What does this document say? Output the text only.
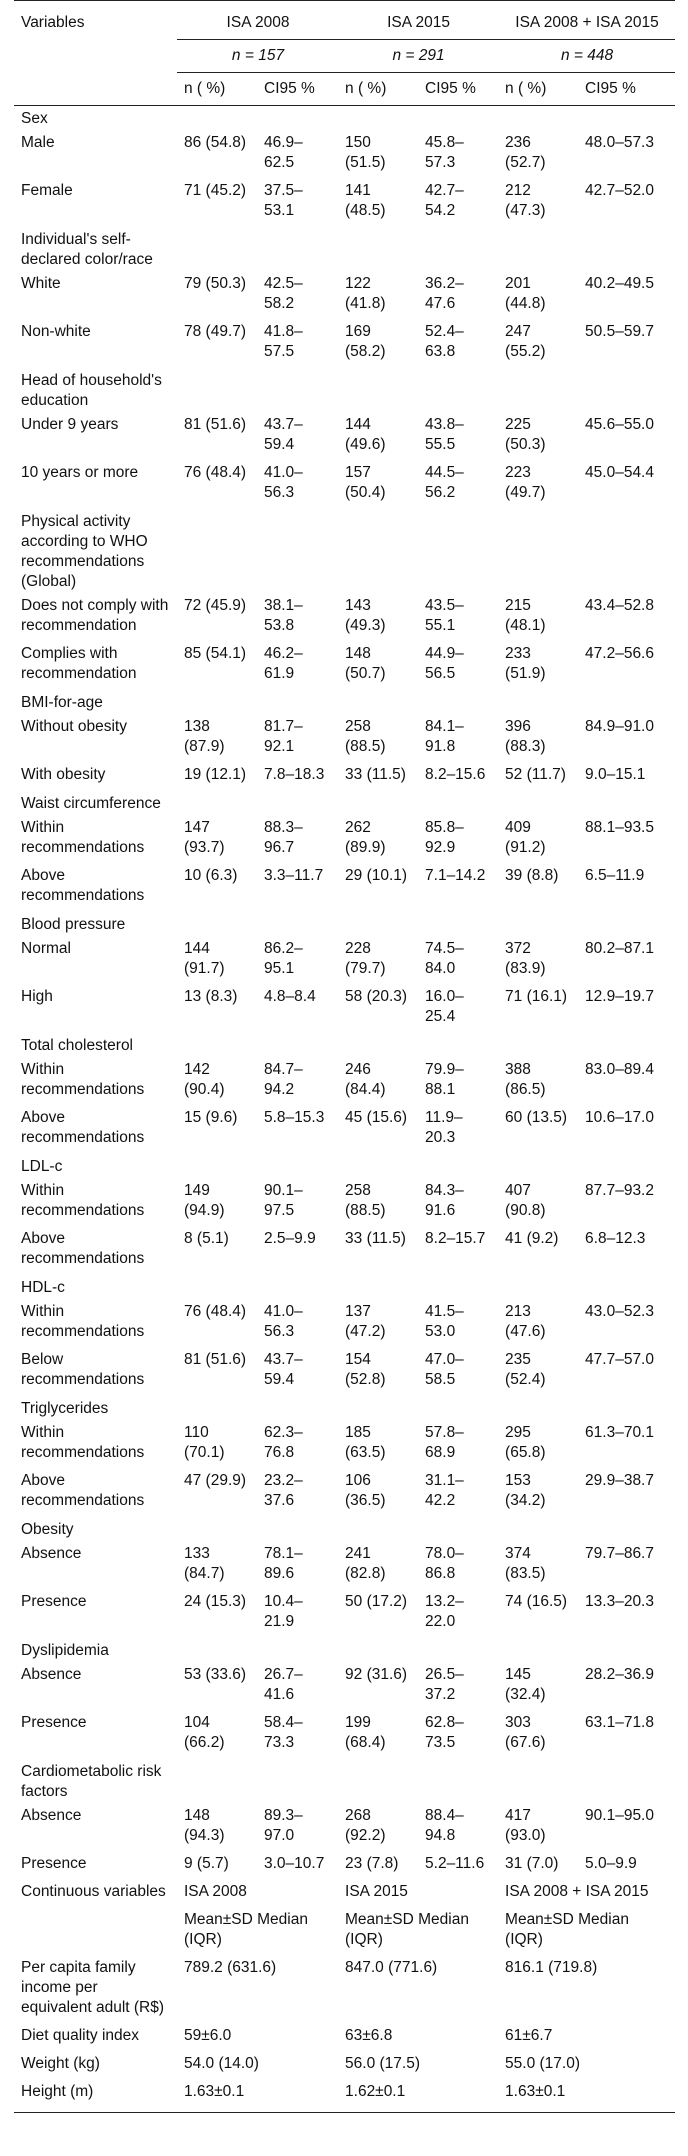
Variables	ISA 2008		ISA 2015		ISA 2008 + ISA 2015	
	n = 157		n = 291		n = 448	
	n ( %)	CI95 %	n ( %)	CI95 %	n ( %)	CI95 %
Sex						
Male	86 (54.8)	46.9–62.5	150 (51.5)	45.8–57.3	236 (52.7)	48.0–57.3
Female	71 (45.2)	37.5–53.1	141 (48.5)	42.7–54.2	212 (47.3)	42.7–52.0
Individual's self-declared color/race						
White	79 (50.3)	42.5–58.2	122 (41.8)	36.2–47.6	201 (44.8)	40.2–49.5
Non-white	78 (49.7)	41.8–57.5	169 (58.2)	52.4–63.8	247 (55.2)	50.5–59.7
Head of household's education						
Under 9 years	81 (51.6)	43.7–59.4	144 (49.6)	43.8–55.5	225 (50.3)	45.6–55.0
10 years or more	76 (48.4)	41.0–56.3	157 (50.4)	44.5–56.2	223 (49.7)	45.0–54.4
Physical activity according to WHO recommendations (Global)						
Does not comply with recommendation	72 (45.9)	38.1–53.8	143 (49.3)	43.5–55.1	215 (48.1)	43.4–52.8
Complies with recommendation	85 (54.1)	46.2–61.9	148 (50.7)	44.9–56.5	233 (51.9)	47.2–56.6
BMI-for-age						
Without obesity	138 (87.9)	81.7–92.1	258 (88.5)	84.1–91.8	396 (88.3)	84.9–91.0
With obesity	19 (12.1)	7.8–18.3	33 (11.5)	8.2–15.6	52 (11.7)	9.0–15.1
Waist circumference						
Within recommendations	147 (93.7)	88.3–96.7	262 (89.9)	85.8–92.9	409 (91.2)	88.1–93.5
Above recommendations	10 (6.3)	3.3–11.7	29 (10.1)	7.1–14.2	39 (8.8)	6.5–11.9
Blood pressure						
Normal	144 (91.7)	86.2–95.1	228 (79.7)	74.5–84.0	372 (83.9)	80.2–87.1
High	13 (8.3)	4.8–8.4	58 (20.3)	16.0–25.4	71 (16.1)	12.9–19.7
Total cholesterol						
Within recommendations	142 (90.4)	84.7–94.2	246 (84.4)	79.9–88.1	388 (86.5)	83.0–89.4
Above recommendations	15 (9.6)	5.8–15.3	45 (15.6)	11.9–20.3	60 (13.5)	10.6–17.0
LDL-c						
Within recommendations	149 (94.9)	90.1–97.5	258 (88.5)	84.3–91.6	407 (90.8)	87.7–93.2
Above recommendations	8 (5.1)	2.5–9.9	33 (11.5)	8.2–15.7	41 (9.2)	6.8–12.3
HDL-c						
Within recommendations	76 (48.4)	41.0–56.3	137 (47.2)	41.5–53.0	213 (47.6)	43.0–52.3
Below recommendations	81 (51.6)	43.7–59.4	154 (52.8)	47.0–58.5	235 (52.4)	47.7–57.0
Triglycerides						
Within recommendations	110 (70.1)	62.3–76.8	185 (63.5)	57.8–68.9	295 (65.8)	61.3–70.1
Above recommendations	47 (29.9)	23.2–37.6	106 (36.5)	31.1–42.2	153 (34.2)	29.9–38.7
Obesity						
Absence	133 (84.7)	78.1–89.6	241 (82.8)	78.0–86.8	374 (83.5)	79.7–86.7
Presence	24 (15.3)	10.4–21.9	50 (17.2)	13.2–22.0	74 (16.5)	13.3–20.3
Dyslipidemia						
Absence	53 (33.6)	26.7–41.6	92 (31.6)	26.5–37.2	145 (32.4)	28.2–36.9
Presence	104 (66.2)	58.4–73.3	199 (68.4)	62.8–73.5	303 (67.6)	63.1–71.8
Cardiometabolic risk factors						
Absence	148 (94.3)	89.3–97.0	268 (92.2)	88.4–94.8	417 (93.0)	90.1–95.0
Presence	9 (5.7)	3.0–10.7	23 (7.8)	5.2–11.6	31 (7.0)	5.0–9.9
Continuous variables	ISA 2008		ISA 2015		ISA 2008 + ISA 2015	
	Mean±SD Median (IQR)		Mean±SD Median (IQR)		Mean±SD Median (IQR)	
Per capita family income per equivalent adult (R$)	789.2 (631.6)		847.0 (771.6)		816.1 (719.8)	
Diet quality index	59±6.0		63±6.8		61±6.7	
Weight (kg)	54.0 (14.0)		56.0 (17.5)		55.0 (17.0)	
Height (m)	1.63±0.1		1.62±0.1		1.63±0.1	
